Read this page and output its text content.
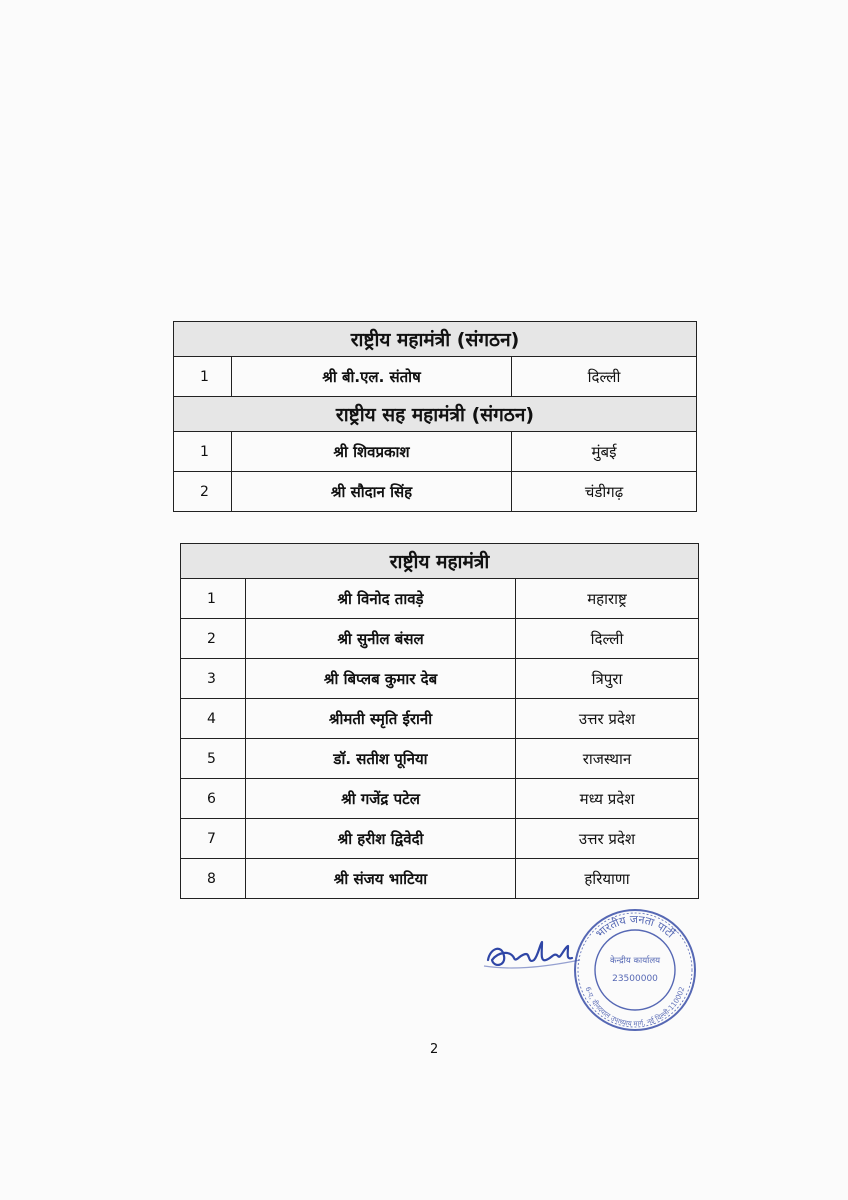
राष्ट्रीय महामंत्री (संगठन)		
1	श्री बी.एल. संतोष	दिल्ली
राष्ट्रीय सह महामंत्री (संगठन)		
1	श्री शिवप्रकाश	मुंबई
2	श्री सौदान सिंह	चंडीगढ़
राष्ट्रीय महामंत्री		
1	श्री विनोद तावड़े	महाराष्ट्र
2	श्री सुनील बंसल	दिल्ली
3	श्री बिप्लब कुमार देब	त्रिपुरा
4	श्रीमती स्मृति ईरानी	उत्तर प्रदेश
5	डॉ. सतीश पूनिया	राजस्थान
6	श्री गजेंद्र पटेल	मध्य प्रदेश
7	श्री हरीश द्विवेदी	उत्तर प्रदेश
8	श्री संजय भाटिया	हरियाणा
भारतीय जनता पार्टी
6-ए, दीनदयाल उपाध्याय मार्ग, नई दिल्ली-110002
केन्द्रीय कार्यालय
23500000
2
